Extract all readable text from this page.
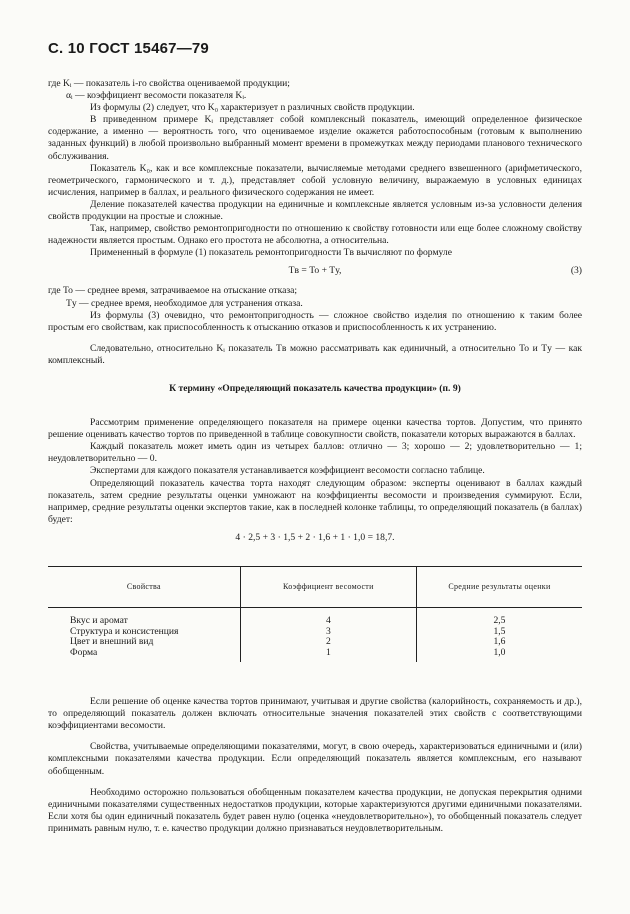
С. 10 ГОСТ 15467—79

где Kᵢ — показатель i-го свойства оцениваемой продукции;

αᵢ — коэффициент весомости показателя Kᵢ.

Из формулы (2) следует, что K₀ характеризует n различных свойств продукции.

В приведенном примере Kᵢ представляет собой комплексный показатель, имеющий определенное физическое содержание, а именно — вероятность того, что оцениваемое изделие окажется работоспособным (готовым к выполнению заданных функций) в любой произвольно выбранный момент времени в промежутках между периодами планового технического обслуживания.

Показатель K₀, как и все комплексные показатели, вычисляемые методами среднего взвешенного (арифметического, геометрического, гармонического и т. д.), представляет собой условную величину, выражаемую в условных единицах исчисления, например в баллах, и реального физического содержания не имеет.

Деление показателей качества продукции на единичные и комплексные является условным из-за условности деления свойств продукции на простые и сложные.

Так, например, свойство ремонтопригодности по отношению к свойству готовности или еще более сложному свойству надежности является простым. Однако его простота не абсолютна, а относительна.

Примененный в формуле (1) показатель ремонтопригодности Tв вычисляют по формуле

Tв = To + Tу,	(3)

где To — среднее время, затрачиваемое на отыскание отказа;

Tу — среднее время, необходимое для устранения отказа.

Из формулы (3) очевидно, что ремонтопригодность — сложное свойство изделия по отношению к таким более простым его свойствам, как приспособленность к отысканию отказов и приспособленность к их устранению.

Следовательно, относительно Kᵢ показатель Tв можно рассматривать как единичный, а относительно To и Tу — как комплексный.

К термину «Определяющий показатель качества продукции» (п. 9)

Рассмотрим применение определяющего показателя на примере оценки качества тортов. Допустим, что принято решение оценивать качество тортов по приведенной в таблице совокупности свойств, показатели которых выражаются в баллах.

Каждый показатель может иметь один из четырех баллов: отлично — 3; хорошо — 2; удовлетворительно — 1; неудовлетворительно — 0.

Экспертами для каждого показателя устанавливается коэффициент весомости согласно таблице.

Определяющий показатель качества торта находят следующим образом: эксперты оценивают в баллах каждый показатель, затем средние результаты оценки умножают на коэффициенты весомости и произведения суммируют. Если, например, средние результаты оценки экспертов такие, как в последней колонке таблицы, то определяющий показатель (в баллах) будет:

4 · 2,5 + 3 · 1,5 + 2 · 1,6 + 1 · 1,0 = 18,7.
Свойства	Коэффициент весомости	Средние результаты оценки
Вкус и аромат	4	2,5
Структура и консистенция	3	1,5
Цвет и внешний вид	2	1,6
Форма	1	1,0

Если решение об оценке качества тортов принимают, учитывая и другие свойства (калорийность, сохраняемость и др.), то определяющий показатель должен включать относительные значения показателей этих свойств с соответствующими коэффициентами весомости.

Свойства, учитываемые определяющими показателями, могут, в свою очередь, характеризоваться единичными и (или) комплексными показателями качества продукции. Если определяющий показатель является комплексным, его называют обобщенным.

Необходимо осторожно пользоваться обобщенным показателем качества продукции, не допуская перекрытия одними единичными показателями существенных недостатков продукции, которые характеризуются другими единичными показателями. Если хотя бы один единичный показатель будет равен нулю (оценка «неудовлетворительно»), то обобщенный показатель следует принимать равным нулю, т. е. качество продукции должно признаваться неудовлетворительным.
